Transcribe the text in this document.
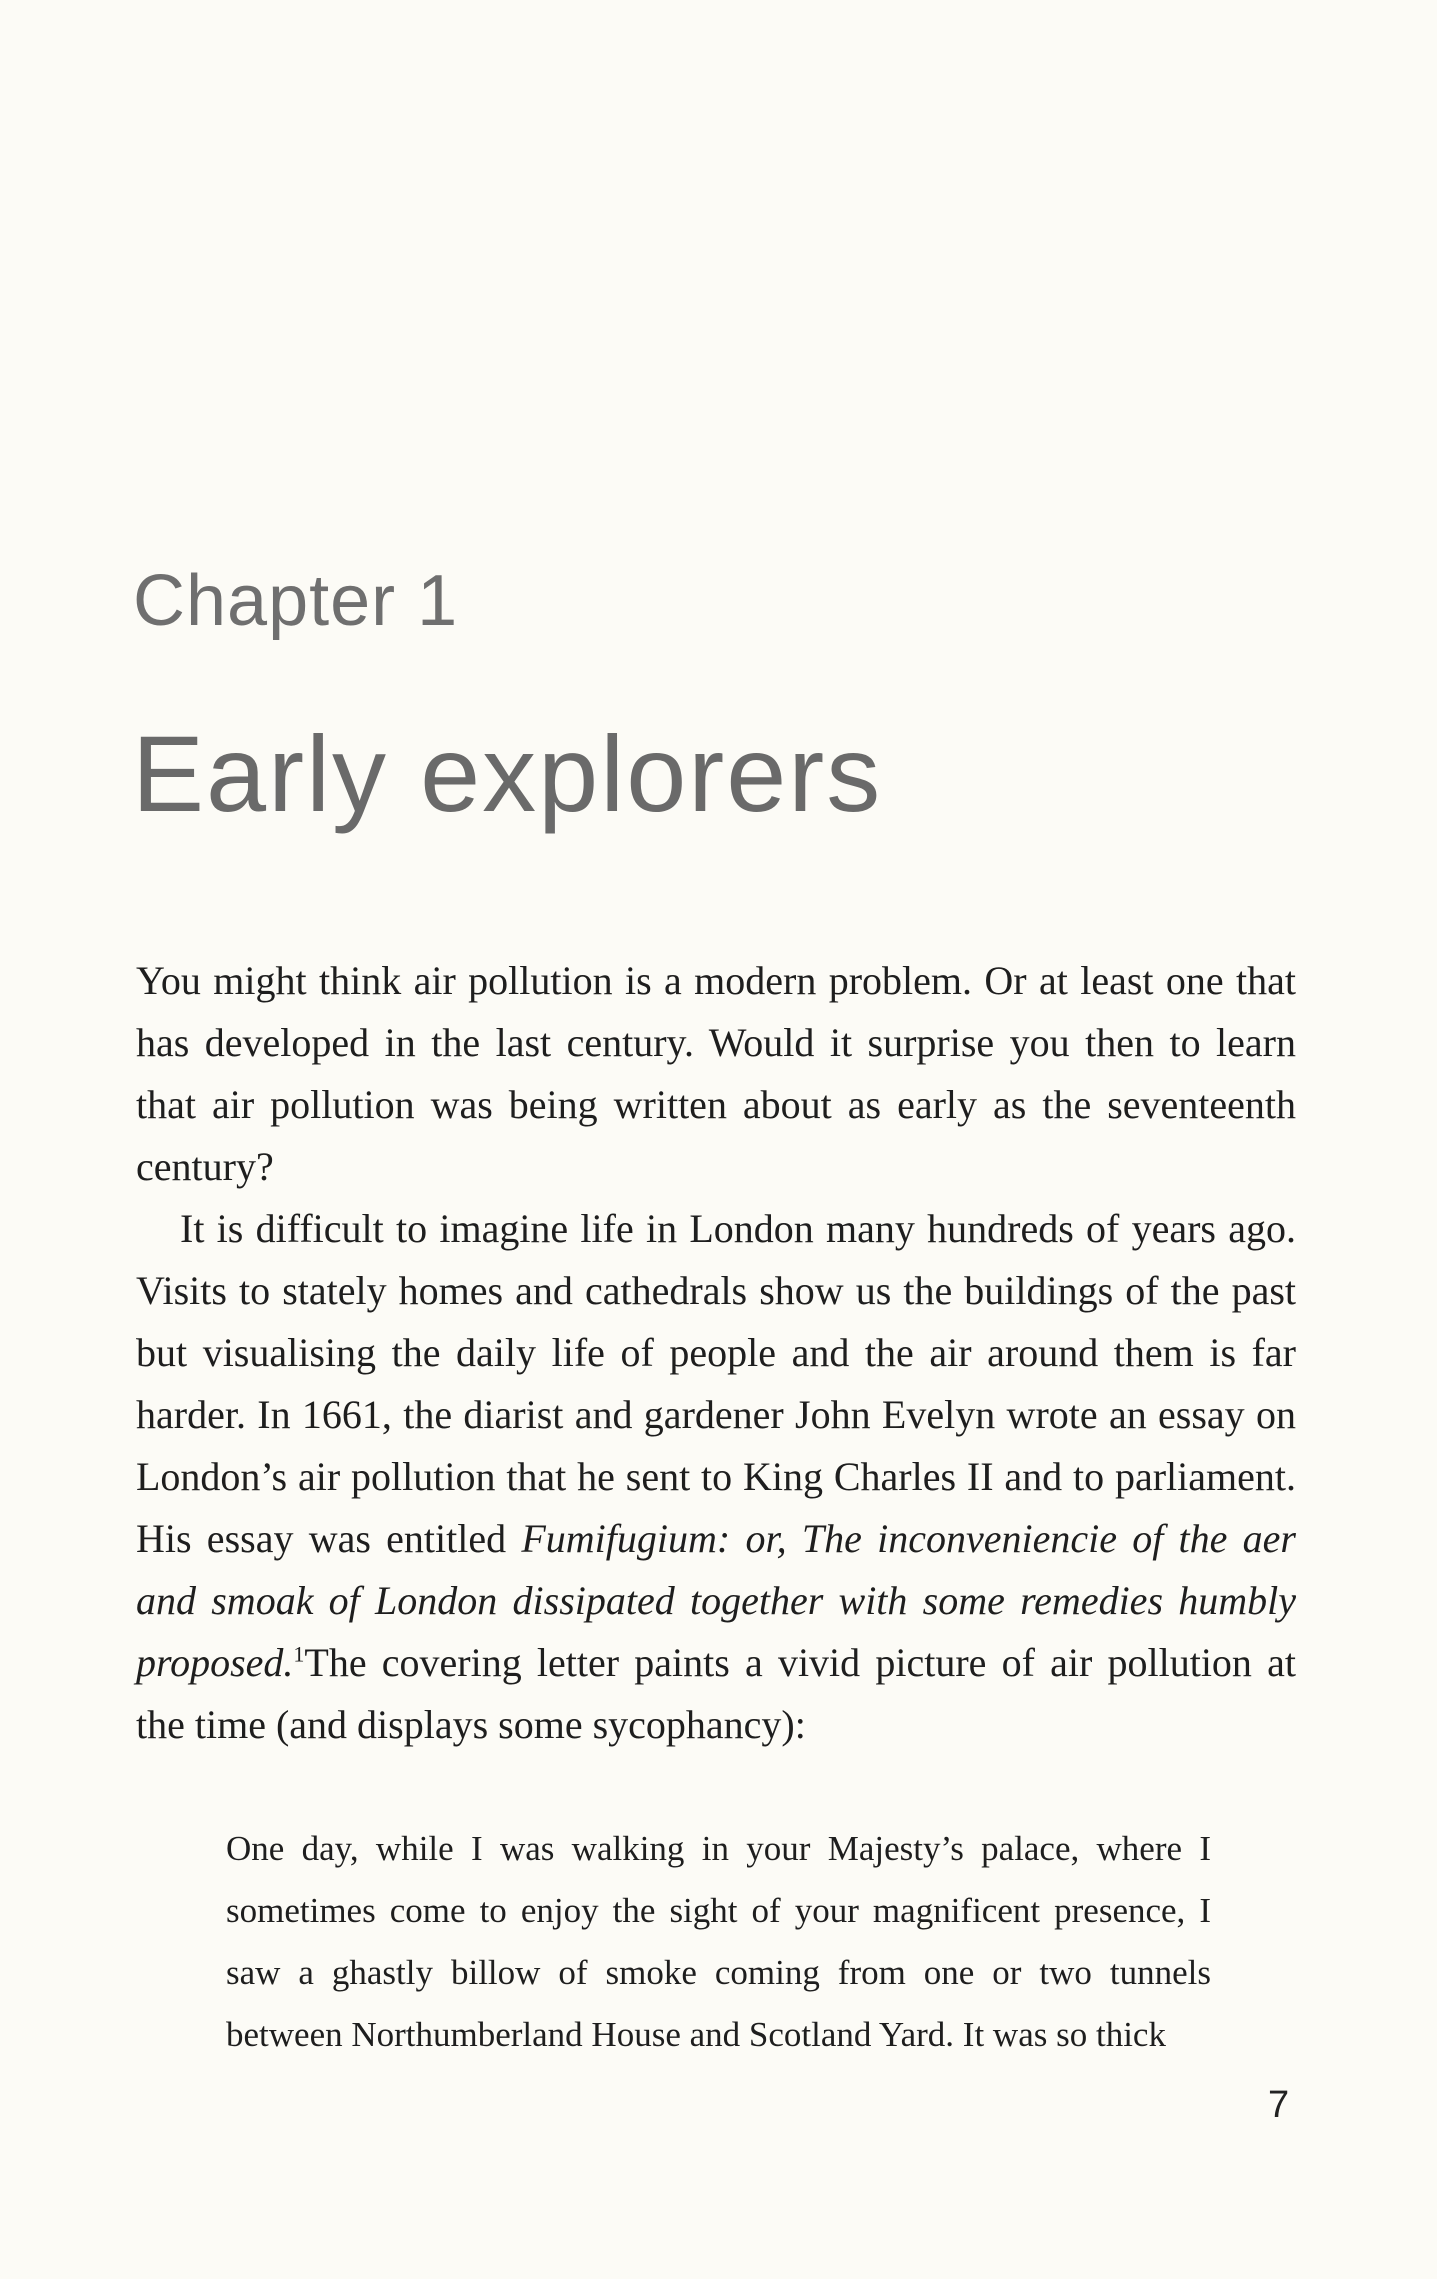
Chapter 1
Early explorers

You might think air pollution is a modern problem. Or at least one that has developed in the last century. Would it surprise you then to learn that air pollution was being written about as early as the seventeenth century?

It is difficult to imagine life in London many hundreds of years ago. Visits to stately homes and cathedrals show us the buildings of the past but visualising the daily life of people and the air around them is far harder. In 1661, the diarist and gardener John Evelyn wrote an essay on London’s air pollution that he sent to King Charles II and to parliament. His essay was entitled Fumifugium: or, The inconveniencie of the aer and smoak of London dissipated together with some remedies humbly proposed.$^1$The covering letter paints a vivid picture of air pollution at the time (and displays some sycophancy):

One day, while I was walking in your Majesty’s palace, where I sometimes come to enjoy the sight of your magnificent presence, I saw a ghastly billow of smoke coming from one or two tunnels between Northumberland House and Scotland Yard. It was so thick

7
